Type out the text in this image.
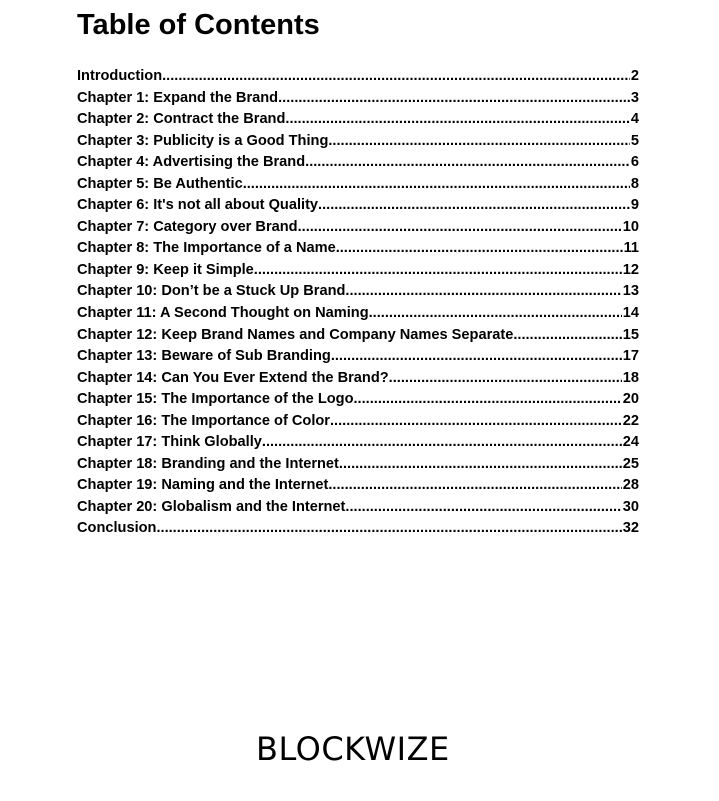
Table of Contents
Introduction .....	2
Chapter 1: Expand the Brand .....	3
Chapter 2: Contract the Brand .....	4
Chapter 3: Publicity is a Good Thing .....	5
Chapter 4: Advertising the Brand .....	6
Chapter 5: Be Authentic .....	8
Chapter 6: It's not all about Quality .....	9
Chapter 7: Category over Brand .....	10
Chapter 8: The Importance of a Name .....	11
Chapter 9: Keep it Simple .....	12
Chapter 10: Don’t be a Stuck Up Brand .....	13
Chapter 11: A Second Thought on Naming .....	14
Chapter 12: Keep Brand Names and Company Names Separate .....	15
Chapter 13: Beware of Sub Branding .....	17
Chapter 14: Can You Ever Extend the Brand? .....	18
Chapter 15: The Importance of the Logo .....	20
Chapter 16: The Importance of Color .....	22
Chapter 17: Think Globally .....	24
Chapter 18: Branding and the Internet .....	25
Chapter 19: Naming and the Internet .....	28
Chapter 20: Globalism and the Internet .....	30
Conclusion .....	32
BLOCKWIZE
